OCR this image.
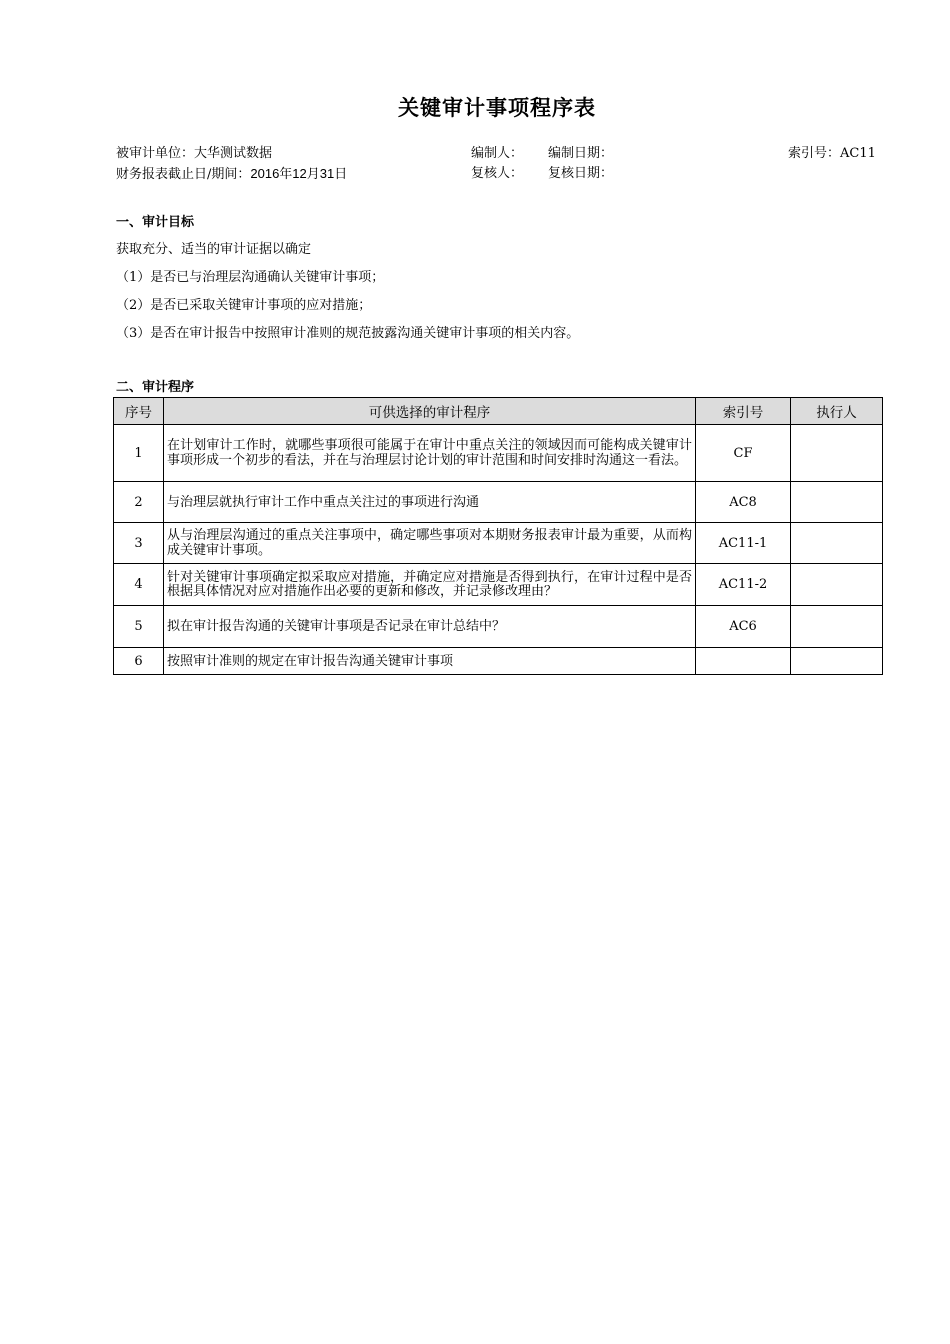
关键审计事项程序表
被审计单位：大华测试数据	编制人： 编制日期：	索引号：AC11
财务报表截止日/期间：2016年12月31日	复核人： 复核日期：
一、审计目标
获取充分、适当的审计证据以确定
（1）是否已与治理层沟通确认关键审计事项；
（2）是否已采取关键审计事项的应对措施；
（3）是否在审计报告中按照审计准则的规范披露沟通关键审计事项的相关内容。
二、审计程序
序号	可供选择的审计程序	索引号	执行人
1	在计划审计工作时，就哪些事项很可能属于在审计中重点关注的领域因而可能构成关键审计事项形成一个初步的看法，并在与治理层讨论计划的审计范围和时间安排时沟通这一看法。	CF	
2	与治理层就执行审计工作中重点关注过的事项进行沟通	AC8	
3	从与治理层沟通过的重点关注事项中，确定哪些事项对本期财务报表审计最为重要，从而构成关键审计事项。	AC11-1	
4	针对关键审计事项确定拟采取应对措施，并确定应对措施是否得到执行，在审计过程中是否根据具体情况对应对措施作出必要的更新和修改，并记录修改理由？	AC11-2	
5	拟在审计报告沟通的关键审计事项是否记录在审计总结中？	AC6	
6	按照审计准则的规定在审计报告沟通关键审计事项		
